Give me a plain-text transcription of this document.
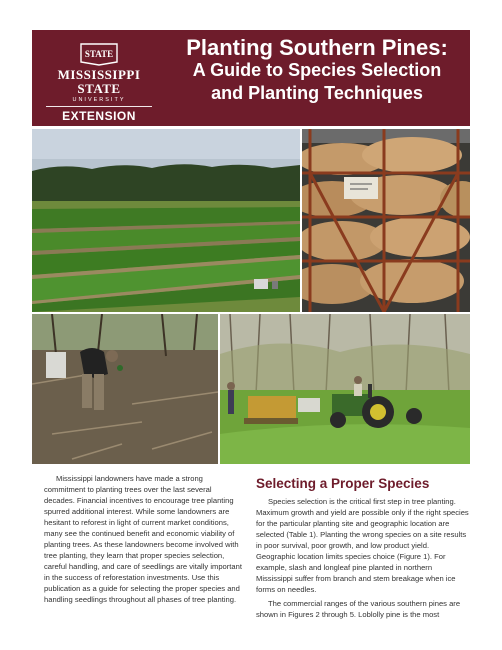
STATE
MISSISSIPPI STATE
UNIVERSITY
EXTENSION
Planting Southern Pines:
A Guide to Species Selection
and Planting Techniques

Mississippi landowners have made a strong commitment to planting trees over the last several decades. Financial incentives to encourage tree planting spurred additional interest. While some landowners are hesitant to reforest in light of current market conditions, many see the continued benefit and economic viability of planting trees. As these landowners become involved with tree planting, they learn that proper species selection, careful handling, and care of seedlings are vitally important in the success of reforestation investments. Use this publication as a guide for selecting the proper species and handling seedlings throughout all phases of tree planting.

Selecting a Proper Species

Species selection is the critical first step in tree planting. Maximum growth and yield are possible only if the right species for the particular planting site and geographic location are selected (Table 1). Planting the wrong species on a site results in poor survival, poor growth, and low product yield. Geographic location limits species choice (Figure 1). For example, slash and longleaf pine planted in northern Mississippi suffer from branch and stem breakage when ice forms on needles.

The commercial ranges of the various southern pines are shown in Figures 2 through 5. Loblolly pine is the most
